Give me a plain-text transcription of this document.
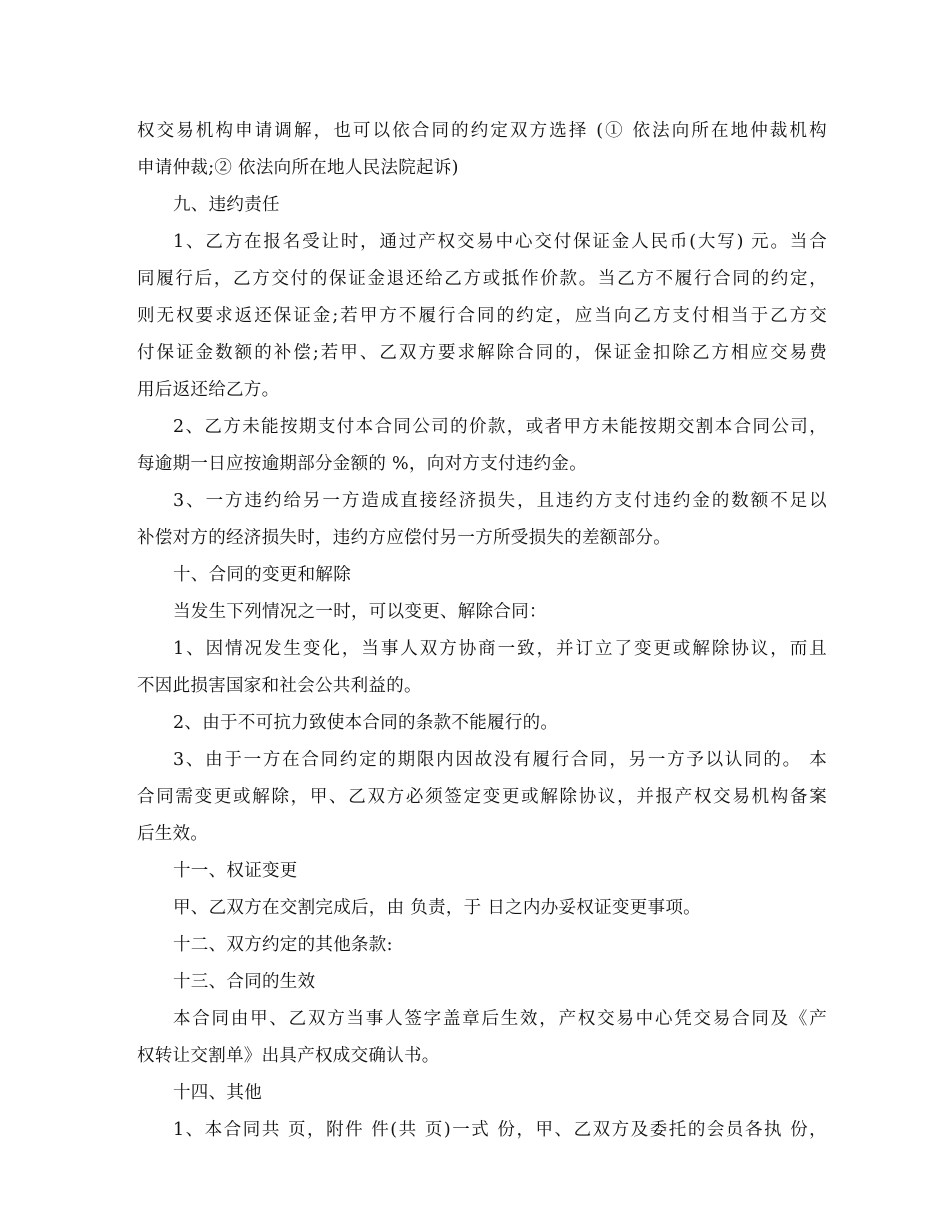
权交易机构申请调解，也可以依合同的约定双方选择 (① 依法向所在地仲裁机构
申请仲裁;② 依法向所在地人民法院起诉)
九、违约责任
1、乙方在报名受让时，通过产权交易中心交付保证金人民币(大写) 元。当合
同履行后，乙方交付的保证金退还给乙方或抵作价款。当乙方不履行合同的约定，
则无权要求返还保证金;若甲方不履行合同的约定，应当向乙方支付相当于乙方交
付保证金数额的补偿;若甲、乙双方要求解除合同的，保证金扣除乙方相应交易费
用后返还给乙方。
2、乙方未能按期支付本合同公司的价款，或者甲方未能按期交割本合同公司，
每逾期一日应按逾期部分金额的 %，向对方支付违约金。
3、一方违约给另一方造成直接经济损失，且违约方支付违约金的数额不足以
补偿对方的经济损失时，违约方应偿付另一方所受损失的差额部分。
十、合同的变更和解除
当发生下列情况之一时，可以变更、解除合同：
1、因情况发生变化，当事人双方协商一致，并订立了变更或解除协议，而且
不因此损害国家和社会公共利益的。
2、由于不可抗力致使本合同的条款不能履行的。
3、由于一方在合同约定的期限内因故没有履行合同，另一方予以认同的。 本
合同需变更或解除，甲、乙双方必须签定变更或解除协议，并报产权交易机构备案
后生效。
十一、权证变更
甲、乙双方在交割完成后，由 负责，于 日之内办妥权证变更事项。
十二、双方约定的其他条款:
十三、合同的生效
本合同由甲、乙双方当事人签字盖章后生效，产权交易中心凭交易合同及《产
权转让交割单》出具产权成交确认书。
十四、其他
1、本合同共 页，附件 件(共 页)一式 份，甲、乙双方及委托的会员各执 份，
